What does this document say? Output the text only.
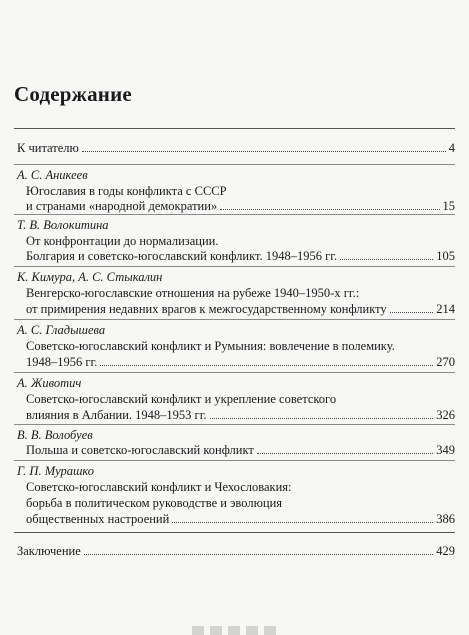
Содержание
К читателю	4
А. С. Аникеев
Югославия в годы конфликта с СССР
и странами «народной демократии»	15
Т. В. Волокитина
От конфронтации до нормализации.
Болгария и советско-югославский конфликт. 1948–1956 гг.	105
К. Кимура, А. С. Стыкалин
Венгерско-югославские отношения на рубеже 1940–1950-х гг.:
от примирения недавних врагов к межгосударственному конфликту	214
А. С. Гладышева
Советско-югославский конфликт и Румыния: вовлечение в полемику.
1948–1956 гг.	270
А. Животич
Советско-югославский конфликт и укрепление советского
влияния в Албании. 1948–1953 гг.	326
В. В. Волобуев
Польша и советско-югославский конфликт	349
Г. П. Мурашко
Советско-югославский конфликт и Чехословакия:
борьба в политическом руководстве и эволюция
общественных настроений	386
Заключение	429
